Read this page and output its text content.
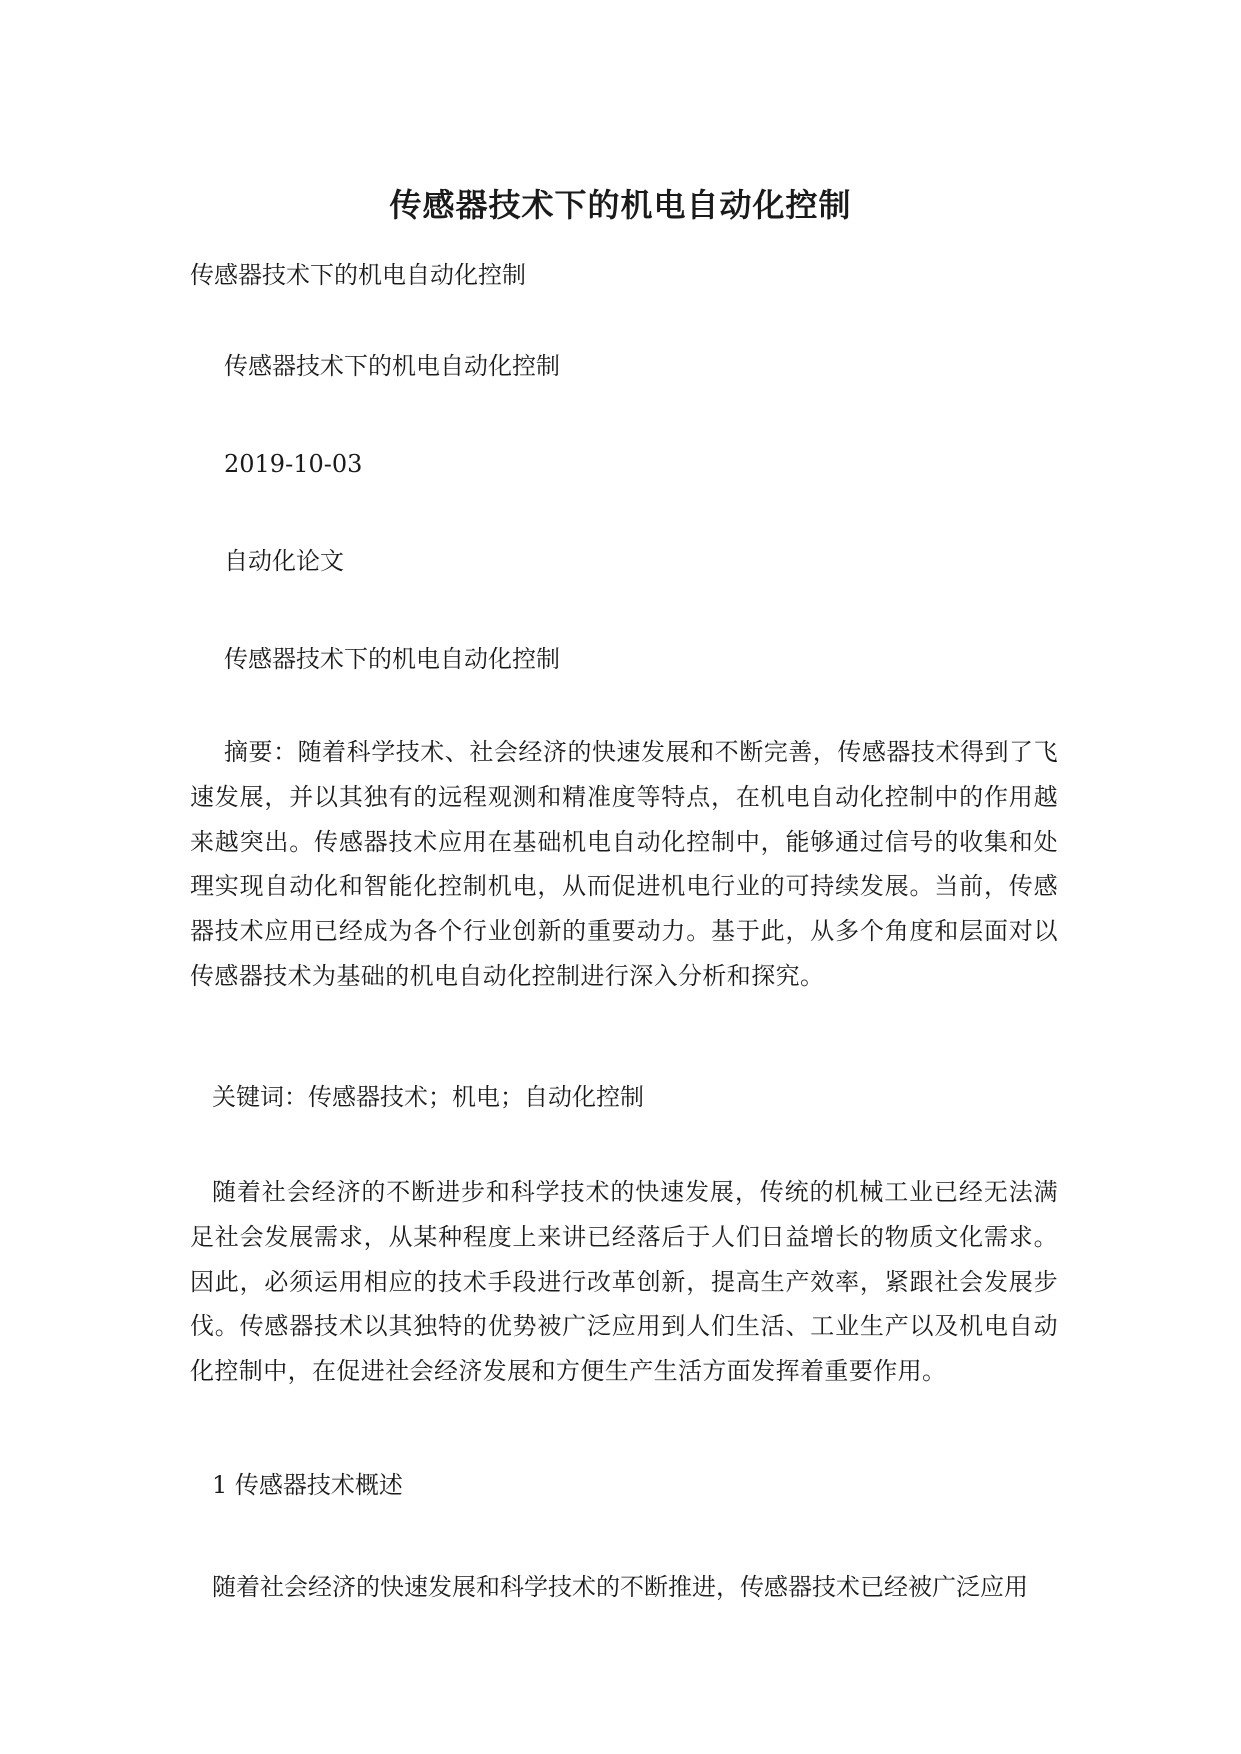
传感器技术下的机电自动化控制
传感器技术下的机电自动化控制
传感器技术下的机电自动化控制
2019-10-03
自动化论文
传感器技术下的机电自动化控制
摘要：随着科学技术、社会经济的快速发展和不断完善，传感器技术得到了飞速发展，并以其独有的远程观测和精准度等特点，在机电自动化控制中的作用越来越突出。传感器技术应用在基础机电自动化控制中，能够通过信号的收集和处理实现自动化和智能化控制机电，从而促进机电行业的可持续发展。当前，传感器技术应用已经成为各个行业创新的重要动力。基于此，从多个角度和层面对以传感器技术为基础的机电自动化控制进行深入分析和探究。
关键词：传感器技术；机电；自动化控制
随着社会经济的不断进步和科学技术的快速发展，传统的机械工业已经无法满足社会发展需求，从某种程度上来讲已经落后于人们日益增长的物质文化需求。因此，必须运用相应的技术手段进行改革创新，提高生产效率，紧跟社会发展步伐。传感器技术以其独特的优势被广泛应用到人们生活、工业生产以及机电自动化控制中，在促进社会经济发展和方便生产生活方面发挥着重要作用。
1 传感器技术概述
随着社会经济的快速发展和科学技术的不断推进，传感器技术已经被广泛应用
